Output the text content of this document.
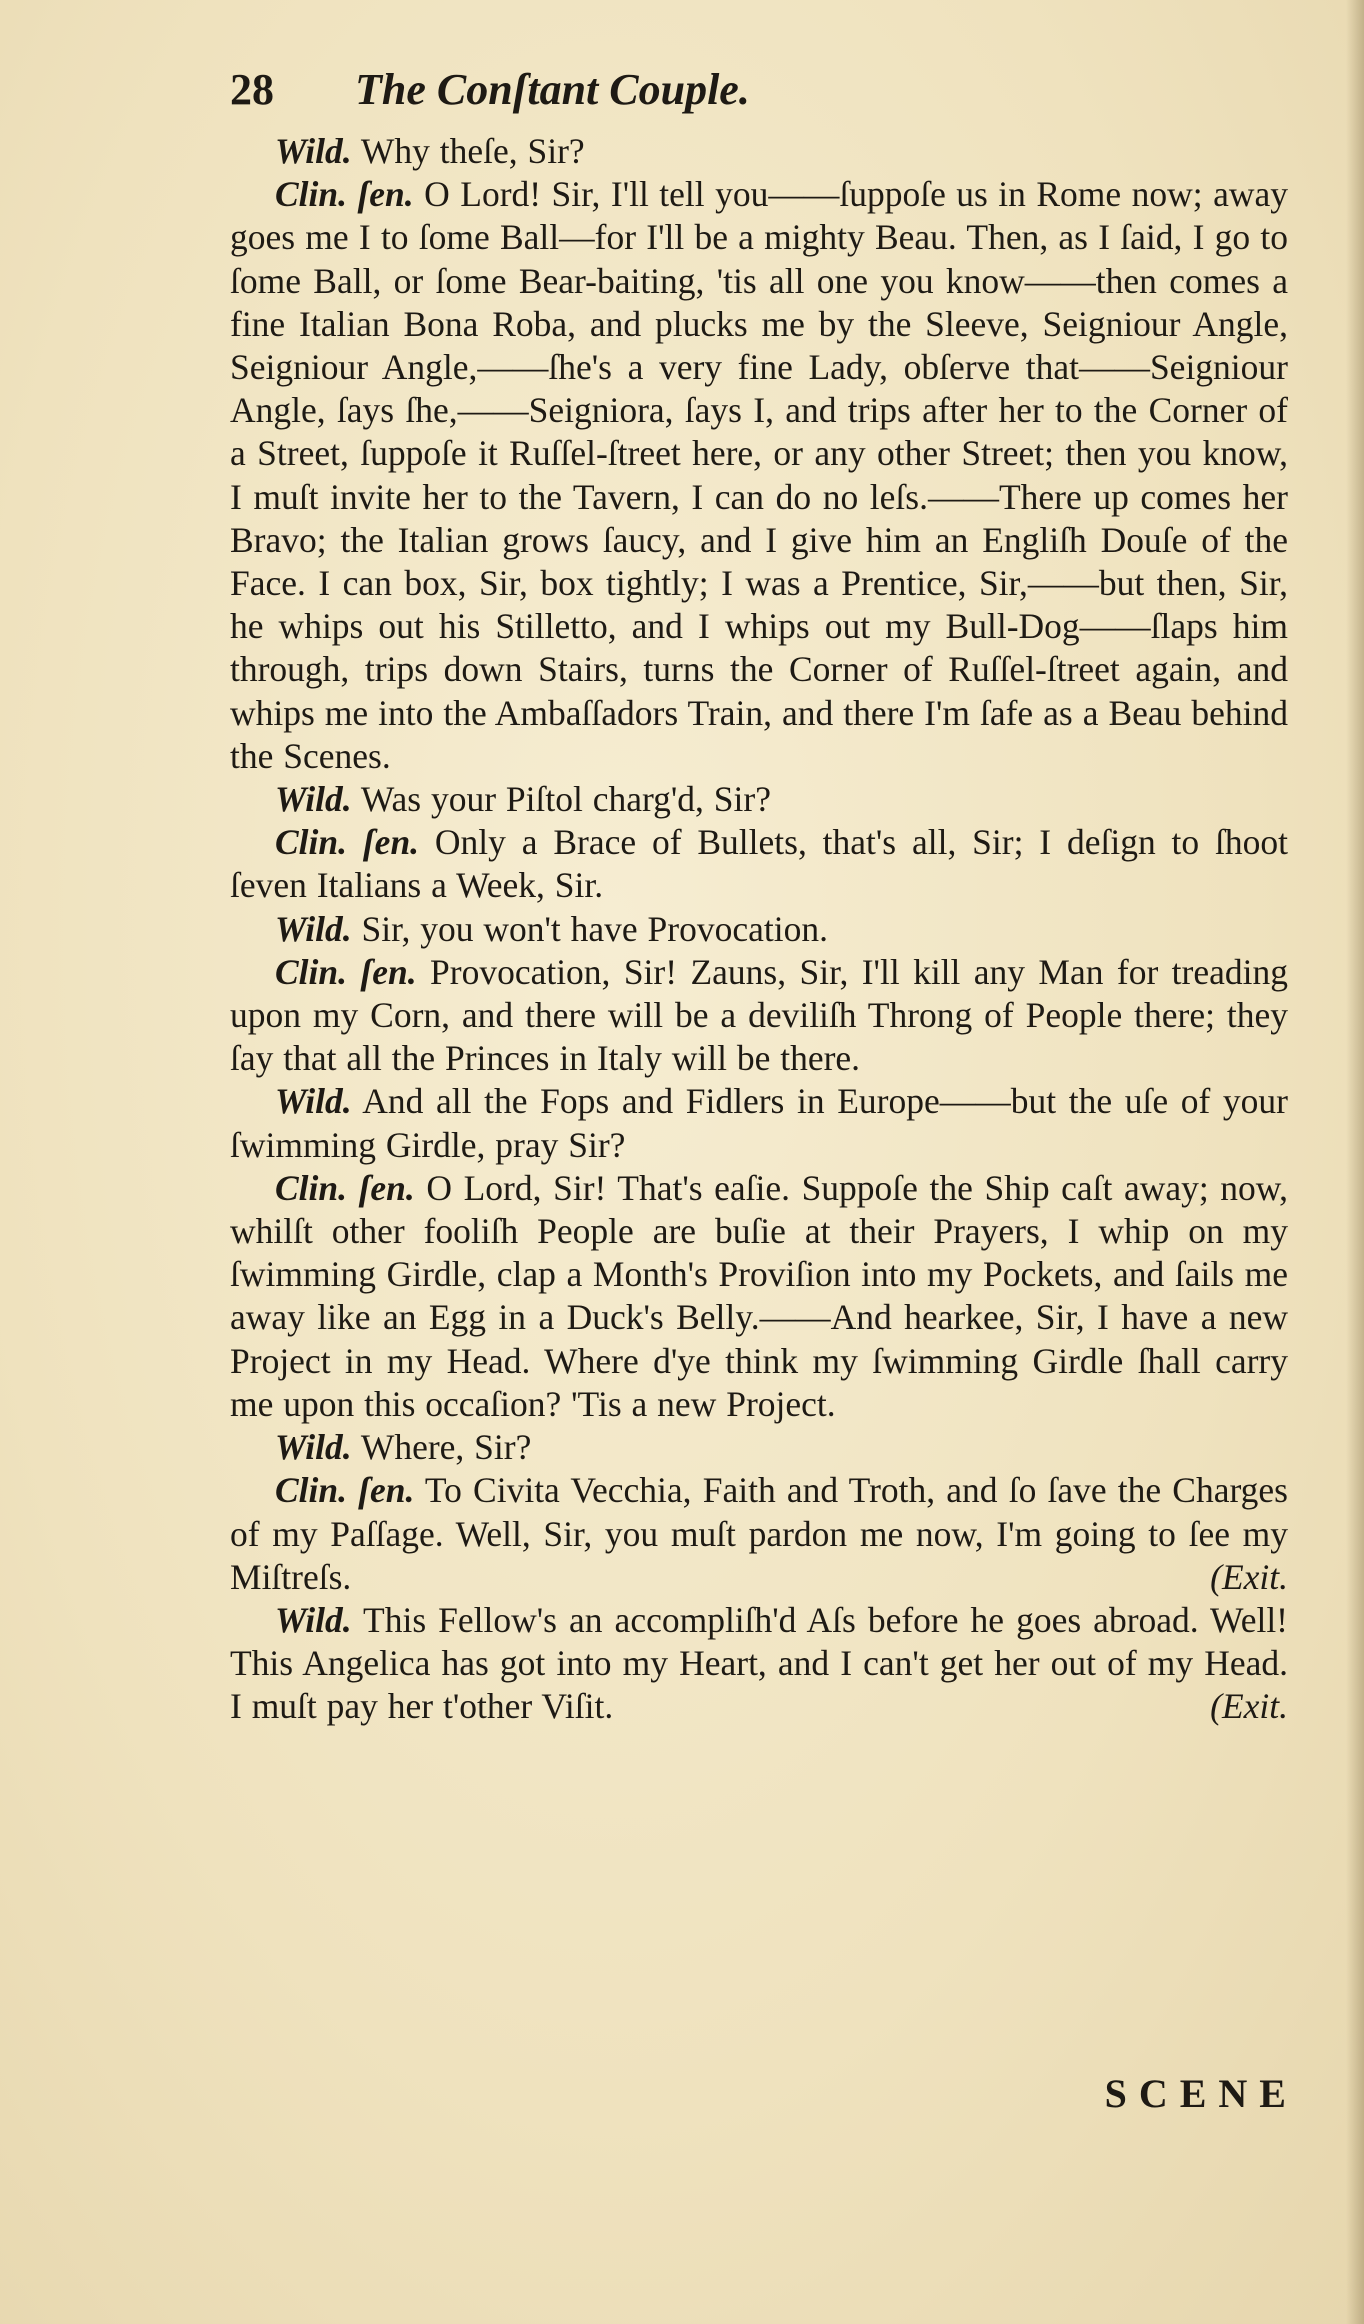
28 The Conſtant Couple.

Wild. Why theſe, Sir?

Clin. ſen. O Lord! Sir, I'll tell you——ſuppoſe us in Rome now; away goes me I to ſome Ball—for I'll be a mighty Beau. Then, as I ſaid, I go to ſome Ball, or ſome Bear-baiting, 'tis all one you know——then comes a fine Italian Bona Roba, and plucks me by the Sleeve, Seigniour Angle, Seigniour Angle,——ſhe's a very fine Lady, obſerve that——Seigniour Angle, ſays ſhe,——Seigniora, ſays I, and trips after her to the Corner of a Street, ſuppoſe it Ruſſel-ſtreet here, or any other Street; then you know, I muſt invite her to the Tavern, I can do no leſs.——There up comes her Bravo; the Italian grows ſaucy, and I give him an Engliſh Douſe of the Face. I can box, Sir, box tightly; I was a Prentice, Sir,——but then, Sir, he whips out his Stilletto, and I whips out my Bull-Dog——ſlaps him through, trips down Stairs, turns the Corner of Ruſſel-ſtreet again, and whips me into the Ambaſſadors Train, and there I'm ſafe as a Beau behind the Scenes.

Wild. Was your Piſtol charg'd, Sir?

Clin. ſen. Only a Brace of Bullets, that's all, Sir; I deſign to ſhoot ſeven Italians a Week, Sir.

Wild. Sir, you won't have Provocation.

Clin. ſen. Provocation, Sir! Zauns, Sir, I'll kill any Man for treading upon my Corn, and there will be a deviliſh Throng of People there; they ſay that all the Princes in Italy will be there.

Wild. And all the Fops and Fidlers in Europe——but the uſe of your ſwimming Girdle, pray Sir?

Clin. ſen. O Lord, Sir! That's eaſie. Suppoſe the Ship caſt away; now, whilſt other fooliſh People are buſie at their Prayers, I whip on my ſwimming Girdle, clap a Month's Proviſion into my Pockets, and ſails me away like an Egg in a Duck's Belly.——And hearkee, Sir, I have a new Project in my Head. Where d'ye think my ſwimming Girdle ſhall carry me upon this occaſion? 'Tis a new Project.

Wild. Where, Sir?

Clin. ſen. To Civita Vecchia, Faith and Troth, and ſo ſave the Charges of my Paſſage. Well, Sir, you muſt pardon me now, I'm going to ſee my Miſtreſs.	(Exit.

Wild. This Fellow's an accompliſh'd Aſs before he goes abroad. Well! This Angelica has got into my Heart, and I can't get her out of my Head. I muſt pay her t'other Viſit.	(Exit.

SCENE
